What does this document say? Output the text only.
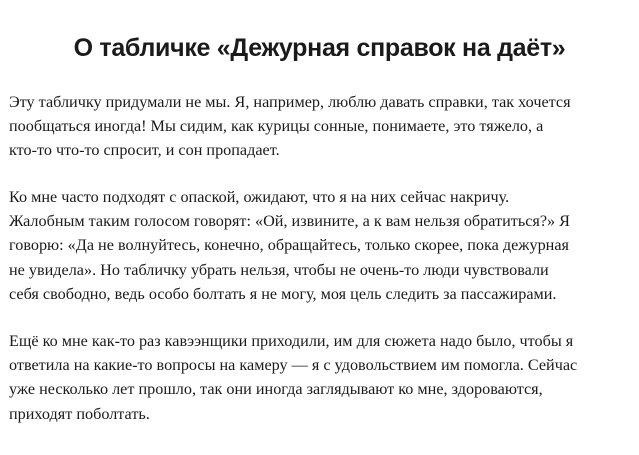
О табличке «Дежурная справок на даёт»

Эту табличку придумали не мы. Я, например, люблю давать справки, так хочется
пообщаться иногда! Мы сидим, как курицы сонные, понимаете, это тяжело, а
кто-то что-то спросит, и сон пропадает.

Ко мне часто подходят с опаской, ожидают, что я на них сейчас накричу.
Жалобным таким голосом говорят: «Ой, извините, а к вам нельзя обратиться?» Я
говорю: «Да не волнуйтесь, конечно, обращайтесь, только скорее, пока дежурная
не увидела». Но табличку убрать нельзя, чтобы не очень-то люди чувствовали
себя свободно, ведь особо болтать я не могу, моя цель следить за пассажирами.

Ещё ко мне как-то раз кавээнщики приходили, им для сюжета надо было, чтобы я
ответила на какие-то вопросы на камеру — я с удовольствием им помогла. Сейчас
уже несколько лет прошло, так они иногда заглядывают ко мне, здороваются,
приходят поболтать.
